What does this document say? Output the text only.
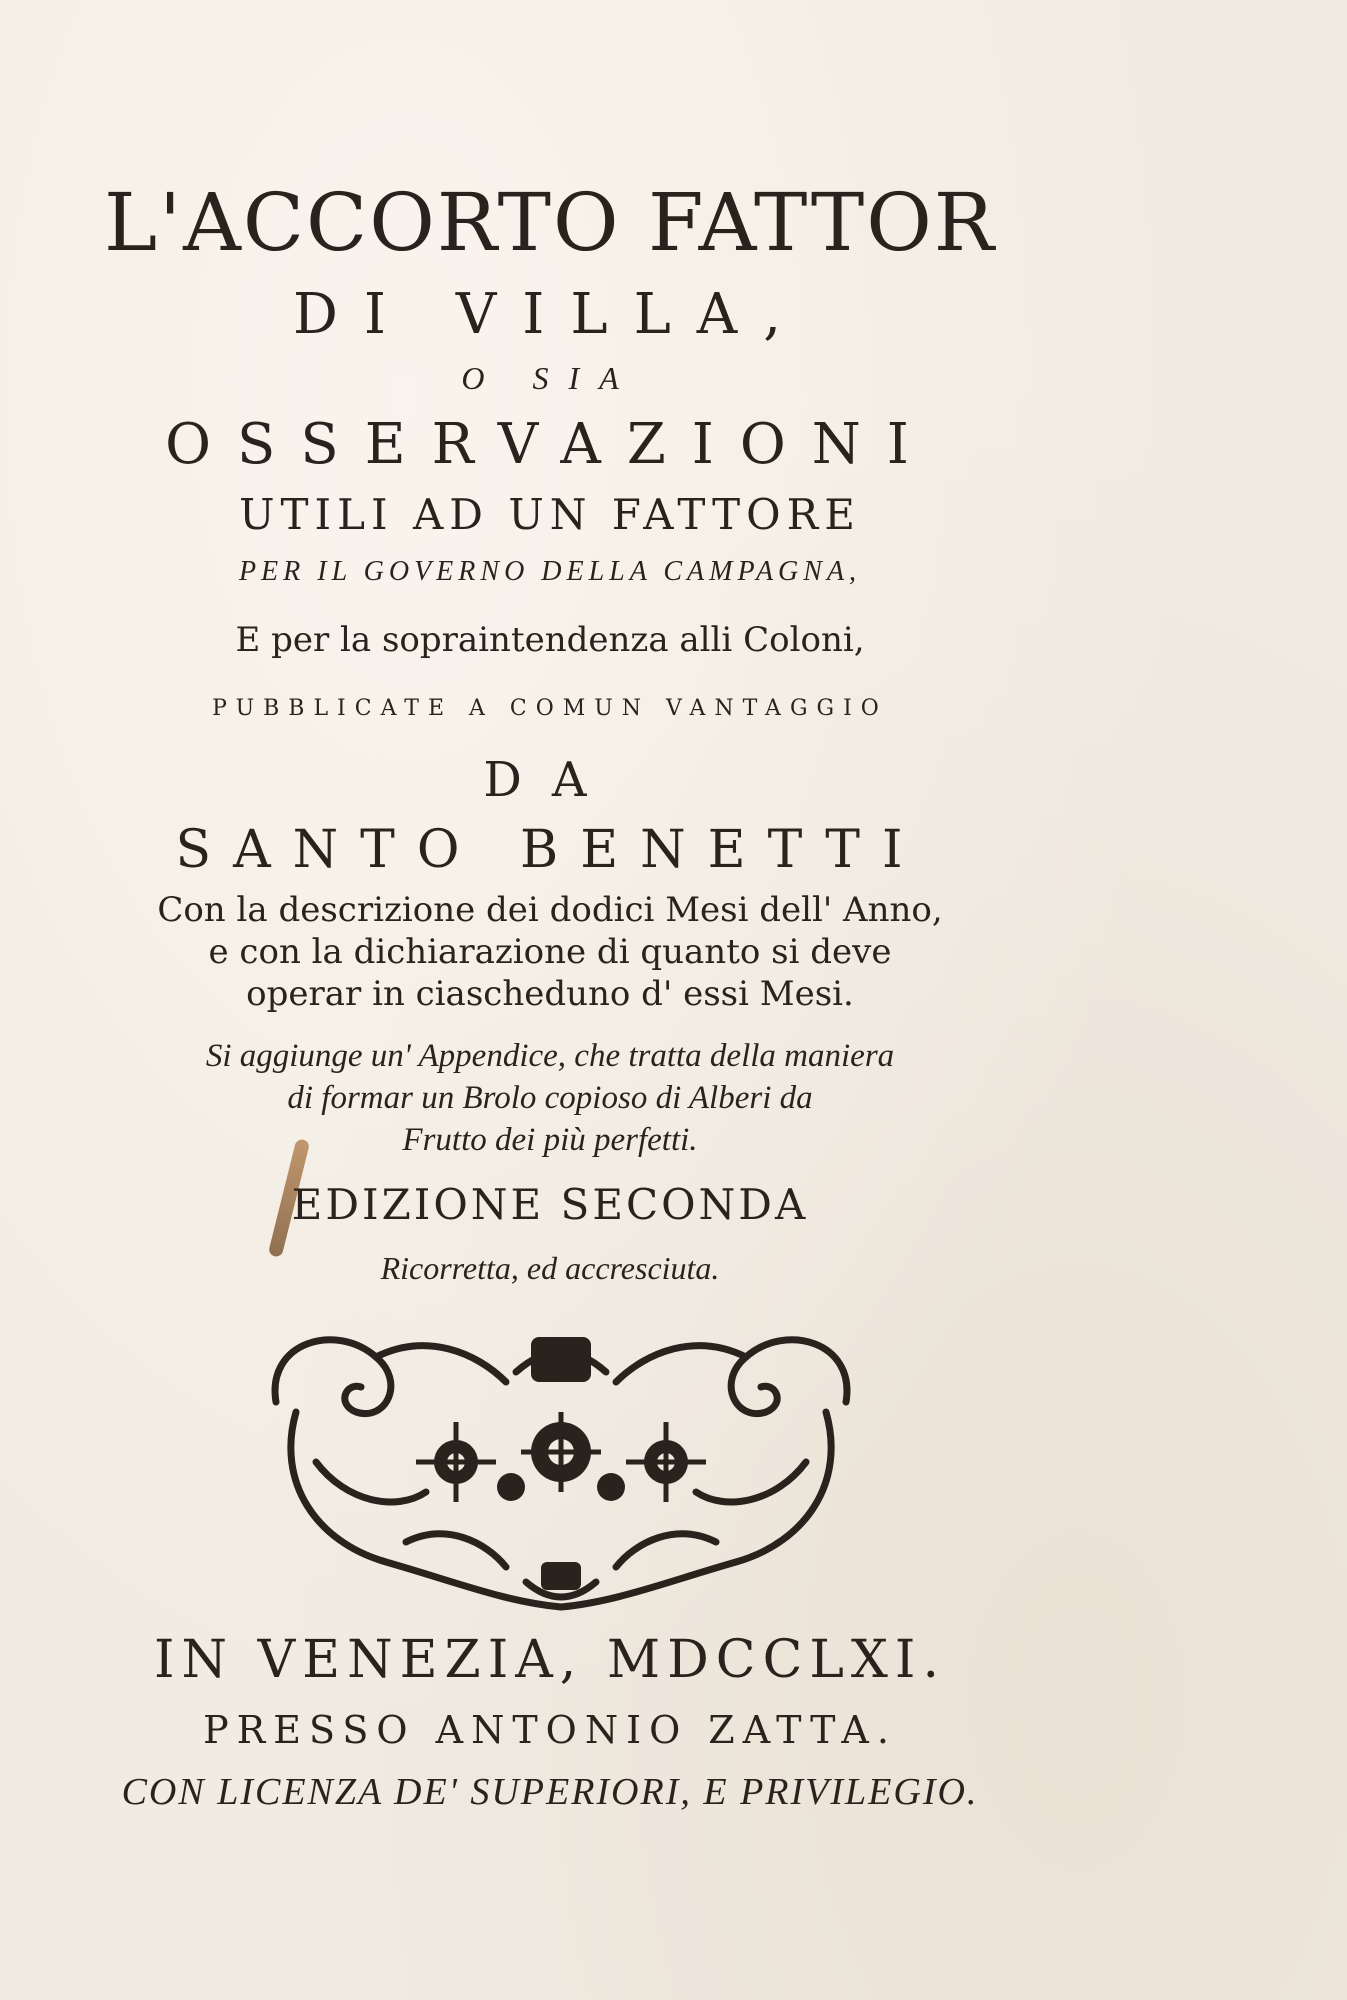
L'ACCORTO FATTOR
DI VILLA,
O SIA
OSSERVAZIONI
UTILI AD UN FATTORE
PER IL GOVERNO DELLA CAMPAGNA,
E per la sopraintendenza alli Coloni,
PUBBLICATE A COMUN VANTAGGIO
DA
SANTO BENETTI
Con la descrizione dei dodici Mesi dell' Anno,
e con la dichiarazione di quanto si deve
operar in ciascheduno d' essi Mesi.
Si aggiunge un' Appendice, che tratta della maniera
di formar un Brolo copioso di Alberi da
Frutto dei più perfetti.
EDIZIONE SECONDA
Ricorretta, ed accresciuta.
IN VENEZIA, MDCCLXI.
PRESSO ANTONIO ZATTA.
CON LICENZA DE' SUPERIORI, E PRIVILEGIO.
